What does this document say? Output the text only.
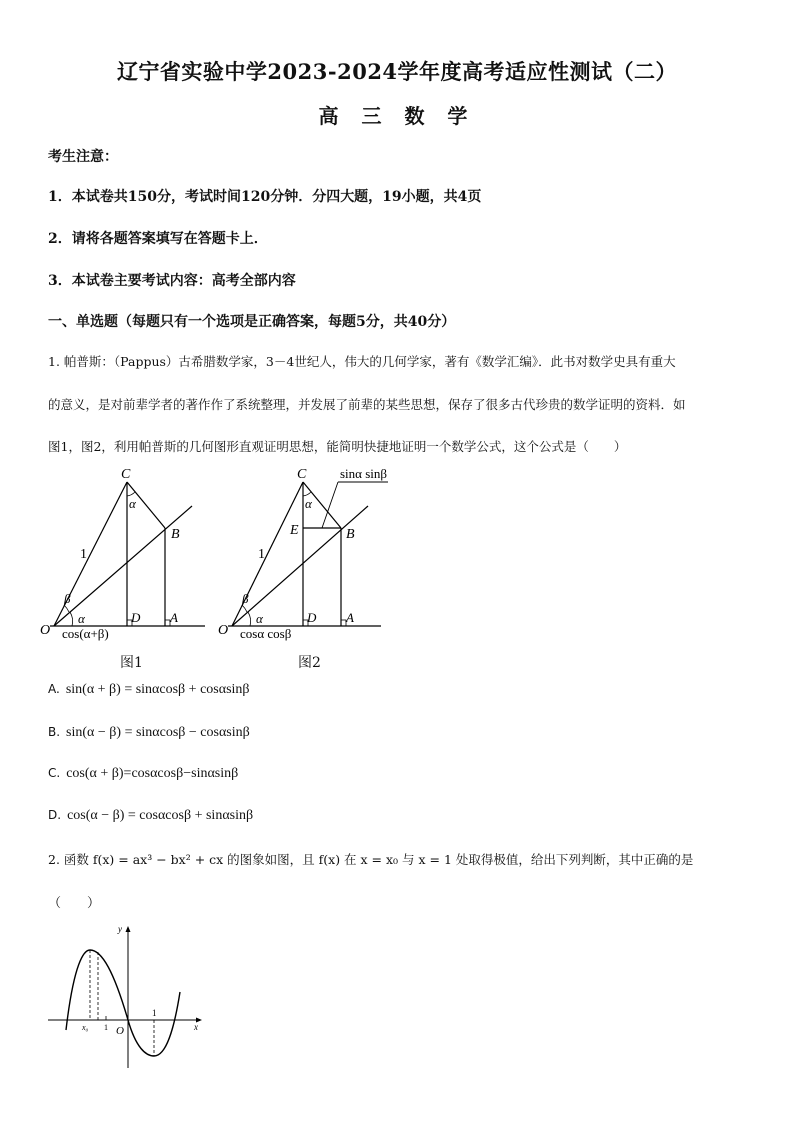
辽宁省实验中学2023-2024学年度高考适应性测试（二）
高 三 数 学
考生注意：
1．本试卷共150分，考试时间120分钟．分四大题，19小题，共4页
2．请将各题答案填写在答题卡上．
3．本试卷主要考试内容：高考全部内容
一、单选题（每题只有一个选项是正确答案，每题5分，共40分）
1. 帕普斯：（Pappus）古希腊数学家，3－4世纪人，伟大的几何学家，著有《数学汇编》．此书对数学史具有重大
的意义，是对前辈学者的著作作了系统整理，并发展了前辈的某些思想，保存了很多古代珍贵的数学证明的资料．如
图1，图2，利用帕普斯的几何图形直观证明思想，能简明快捷地证明一个数学公式，这个公式是（　　）
C
B
O
D A
α
α
β
1
cos(α+β)
图1
C
B
E
O
D A
α
α
β
1
cosα cosβ
sinα sinβ
图2
A. sin(α + β) = sinαcosβ + cosαsinβ
B. sin(α − β) = sinαcosβ − cosαsinβ
C. cos(α + β)=cosαcosβ−sinαsinβ
D. cos(α − β) = cosαcosβ + sinαsinβ
2. 函数 f(x) = ax³ − bx² + cx 的图象如图，且 f(x) 在 x = x₀ 与 x = 1 处取得极值，给出下列判断，其中正确的是
（　　）
y
x
O
x₀ 1
1
